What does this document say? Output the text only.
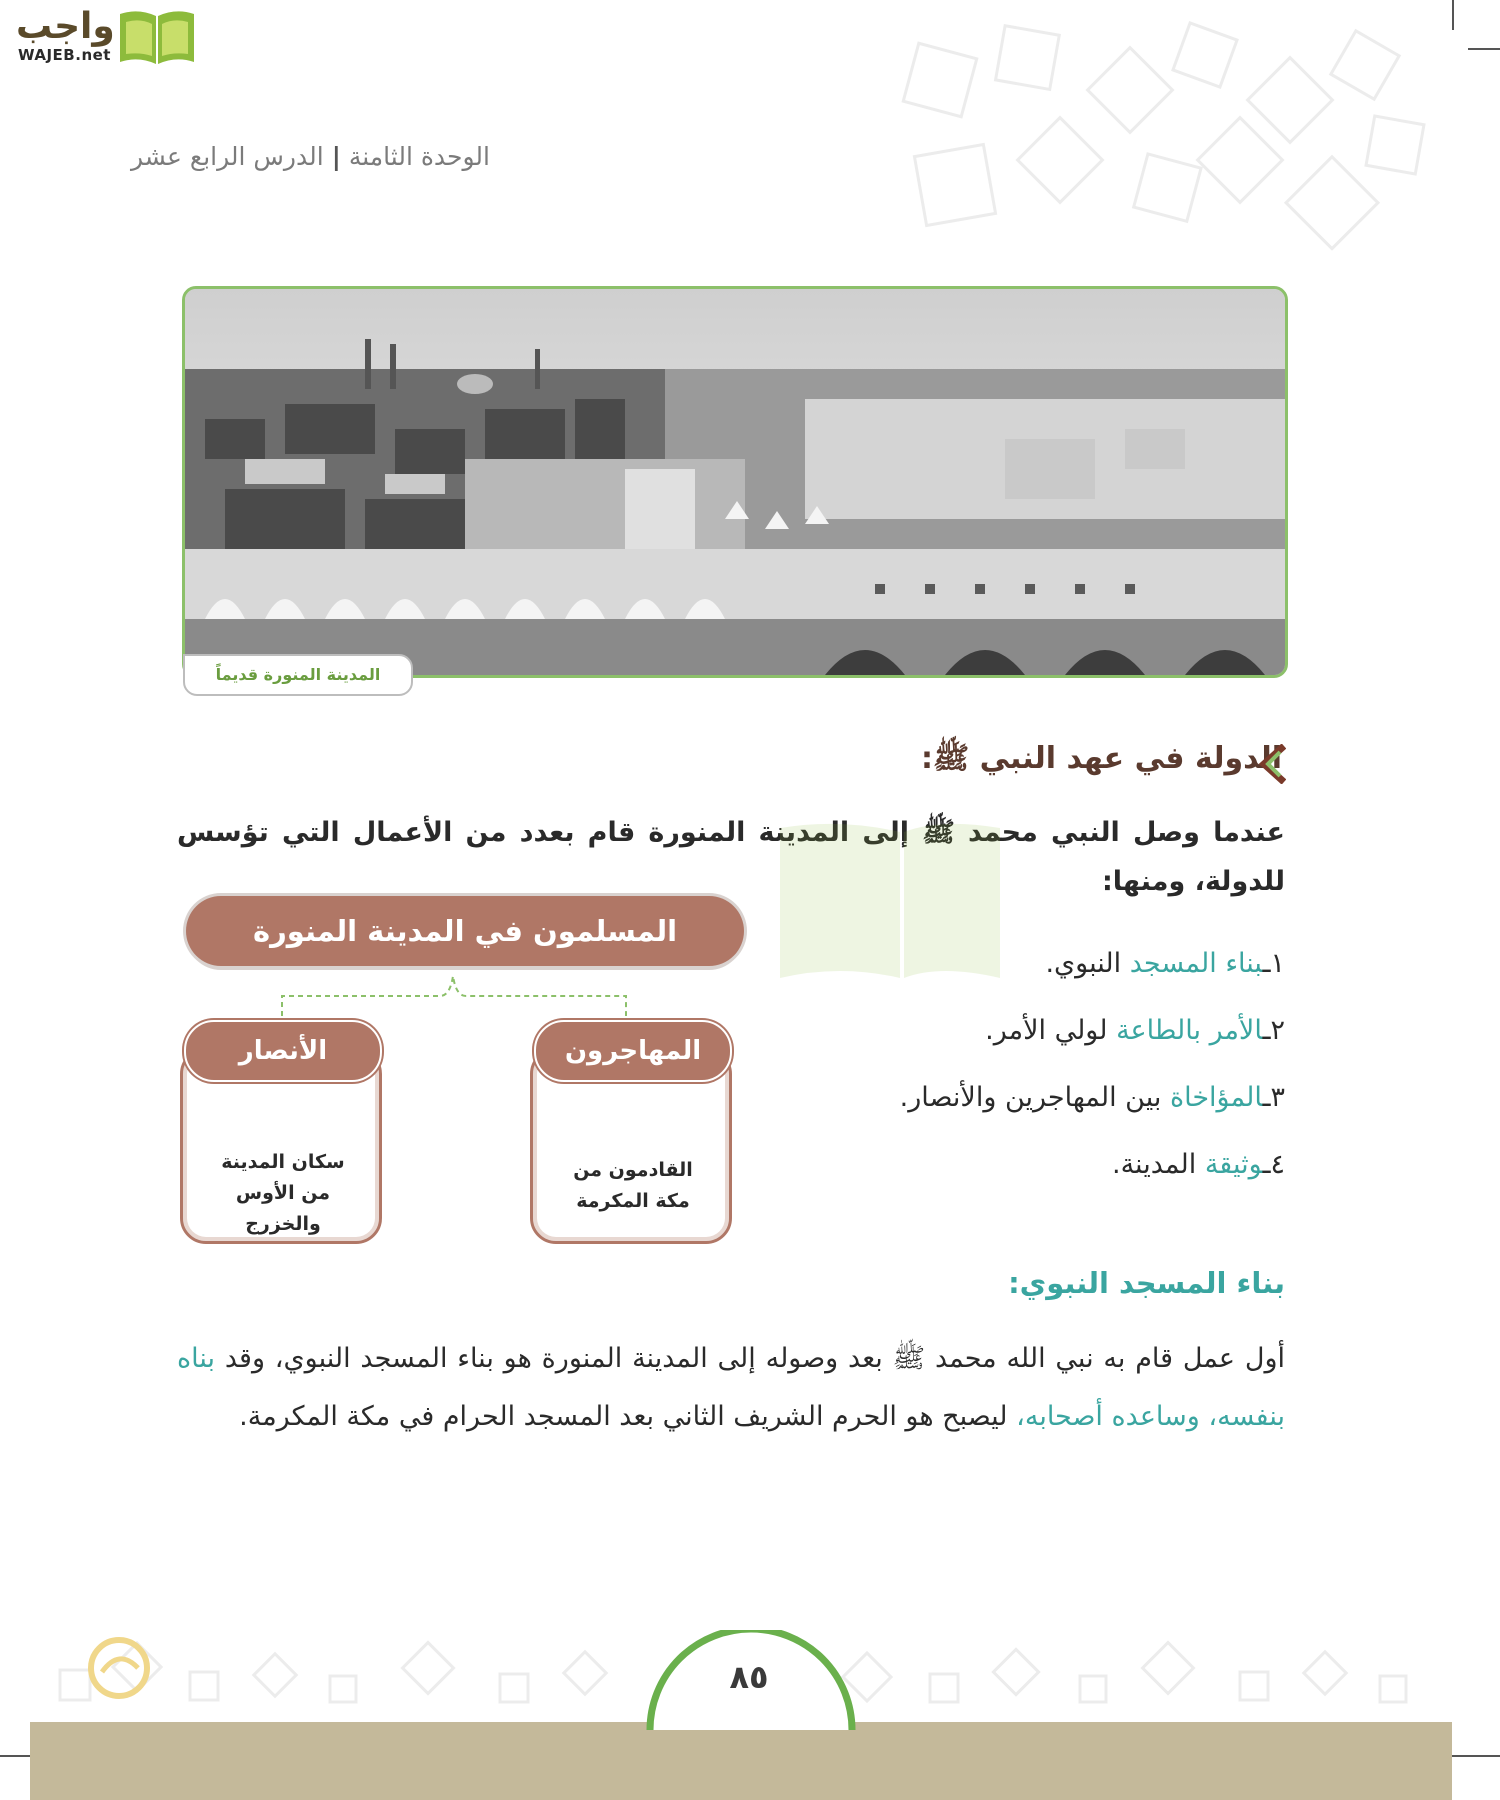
واجب
WAJEB.net
الوحدة الثامنة|الدرس الرابع عشر
المدينة المنورة قديماً
الدولة في عهد النبي ﷺ:
عندما وصل النبي محمد ﷺ إلى المدينة المنورة قام بعدد من الأعمال التي تؤسس للدولة، ومنها:
١ـبناء المسجد النبوي.
٢ـالأمر بالطاعة لولي الأمر.
٣ـالمؤاخاة بين المهاجرين والأنصار.
٤ـوثيقة المدينة.
المسلمون في المدينة المنورة
سكان المدينة
من الأوس
والخزرج
الأنصار
القادمون من
مكة المكرمة
المهاجرون
بناء المسجد النبوي:
أول عمل قام به نبي الله محمد ﷺ بعد وصوله إلى المدينة المنورة هو بناء المسجد النبوي، وقد بناه بنفسه، وساعده أصحابه، ليصبح هو الحرم الشريف الثاني بعد المسجد الحرام في مكة المكرمة.
٨٥
